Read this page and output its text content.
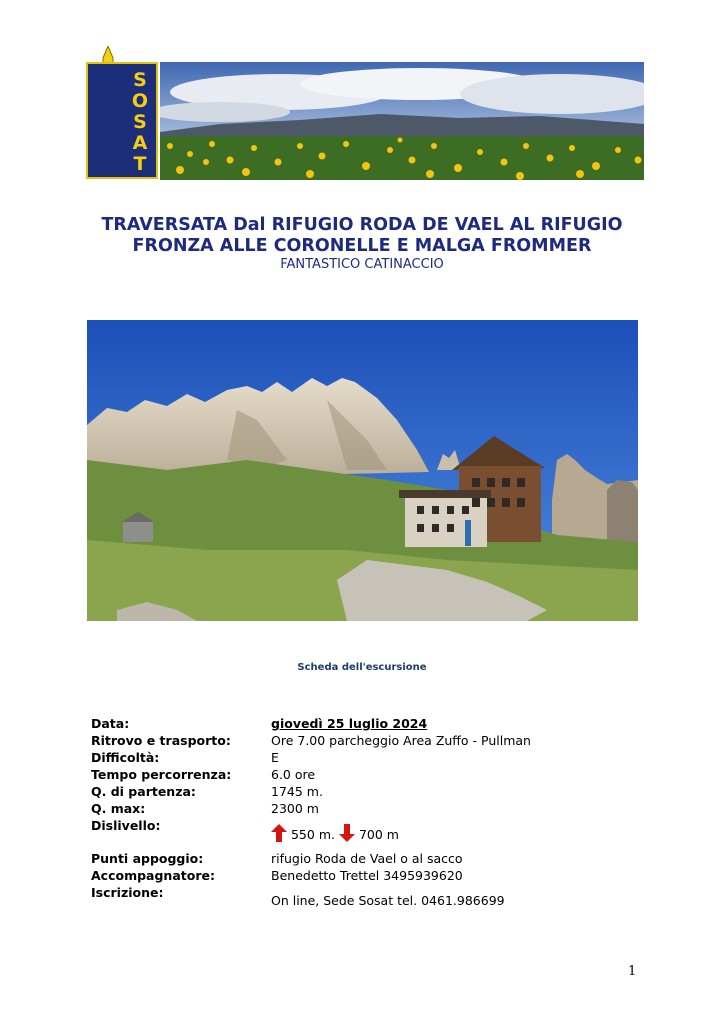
S
O
S
A
T
TRAVERSATA Dal RIFUGIO RODA DE VAEL AL RIFUGIO
FRONZA ALLE CORONELLE E MALGA FROMMER

FANTASTICO CATINACCIO

Scheda dell'escursione
Data:	giovedì 25 luglio 2024
Ritrovo e trasporto:	Ore 7.00 parcheggio Area Zuffo - Pullman
Difficoltà:	E
Tempo percorrenza:	6.0 ore
Q. di partenza:	1745 m.
Q. max:	2300 m
Dislivello:
550 m. 700 m
Punti appoggio:	rifugio Roda de Vael o al sacco
Accompagnatore:	Benedetto Trettel 3495939620
Iscrizione:
On line, Sede Sosat tel. 0461.986699
1
